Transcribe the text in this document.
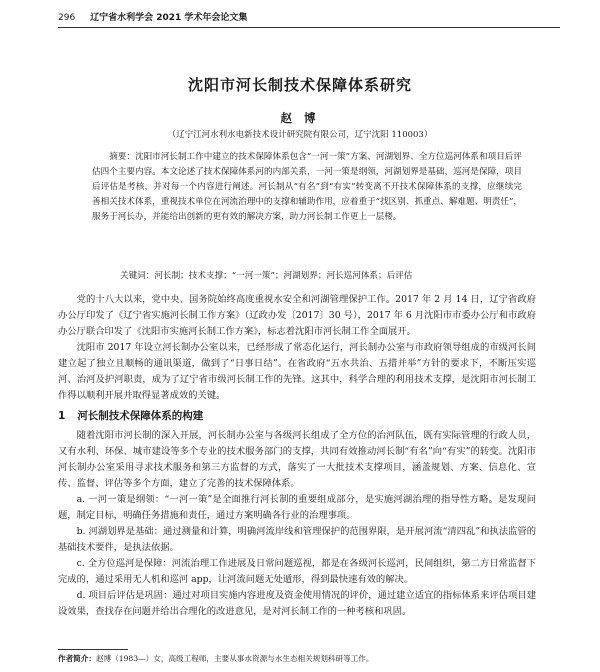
296 辽宁省水利学会 2021 学术年会论文集
沈阳市河长制技术保障体系研究
赵 博
（辽宁江河水利水电新技术设计研究院有限公司，辽宁沈阳 110003）

摘要：沈阳市河长制工作中建立的技术保障体系包含“一河一策”方案、河湖划界、全方位巡河体系和项目后评估四个主要内容。本文论述了技术保障体系河的内部关系，一河一策是纲领，河湖划界是基础，巡河是保障，项目后评估是考核，并对每一个内容进行阐述。河长制从“有名”到“有实”转变离不开技术保障体系的支撑，应继续完善相关技术体系，重视技术单位在河流治理中的支撑和辅助作用，应着重于“找区别、抓重点、解难题、明责任”，服务于河长办，并能给出创新的更有效的解决方案，助力河长制工作更上一层楼。

关键词：河长制；技术支撑；“一河一策”；河湖划界；河长巡河体系；后评估

党的十八大以来，党中央、国务院始终高度重视水安全和河湖管理保护工作。2017 年 2 月 14 日，辽宁省政府办公厅印发了《辽宁省实施河长制工作方案》（辽政办发〔2017〕30 号），2017 年 6 月沈阳市市委办公厅和市政府办公厅联合印发了《沈阳市实施河长制工作方案》，标志着沈阳市河长制工作全面展开。

沈阳市 2017 年设立河长制办公室以来，已经形成了常态化运行，河长制办公室与市政府领导组成的市级河长间建立起了独立且顺畅的通讯渠道，做到了“日事日结”。在省政府“五水共治、五措并举”方针的要求下，不断压实巡河、治河及护河职责，成为了辽宁省市级河长制工作的先锋。这其中，科学合理的利用技术支撑，是沈阳市河长制工作得以顺利开展并取得显著成效的关键。

1 河长制技术保障体系的构建

随着沈阳市河长制的深入开展，河长制办公室与各级河长组成了全方位的治河队伍，既有实际管理的行政人员，又有水利、环保、城市建设等多个专业的技术服务部门的支撑，共同有效推动河长制“有名”向“有实”的转变。沈阳市河长制办公室采用寻求技术服务和第三方监督的方式，落实了一大批技术支撑项目，涵盖规划、方案、信息化、宣传、监督、评估等多个方面，建立了完善的技术保障体系。

a. 一河一策是纲领：“一河一策”是全面推行河长制的重要组成部分，是实施河湖治理的指导性方略。是发现问题，制定目标，明确任务措施和责任，通过方案明确各行业的治理事项。

b. 河湖划界是基础：通过测量和计算，明确河流岸线和管理保护的范围界限，是开展河流“清四乱”和执法监管的基础技术要件，是执法依据。

c. 全方位巡河是保障：河流治理工作进展及日常问题巡视，都是在各级河长巡河，民间组织，第二方日常监督下完成的，通过采用无人机和巡河 app，让河流问题无处遁形，得到最快速有效的解决。

d. 项目后评估是巩固：通过对项目实施内容进度及资金使用情况的评价，通过建立适宜的指标体系来评估项目建设效果，查找存在问题并给出合理化的改进意见，是对河长制工作的一种考核和巩固。

作者简介：赵博（1983—）女，高级工程师，主要从事水资源与水生态相关规划科研等工作。
